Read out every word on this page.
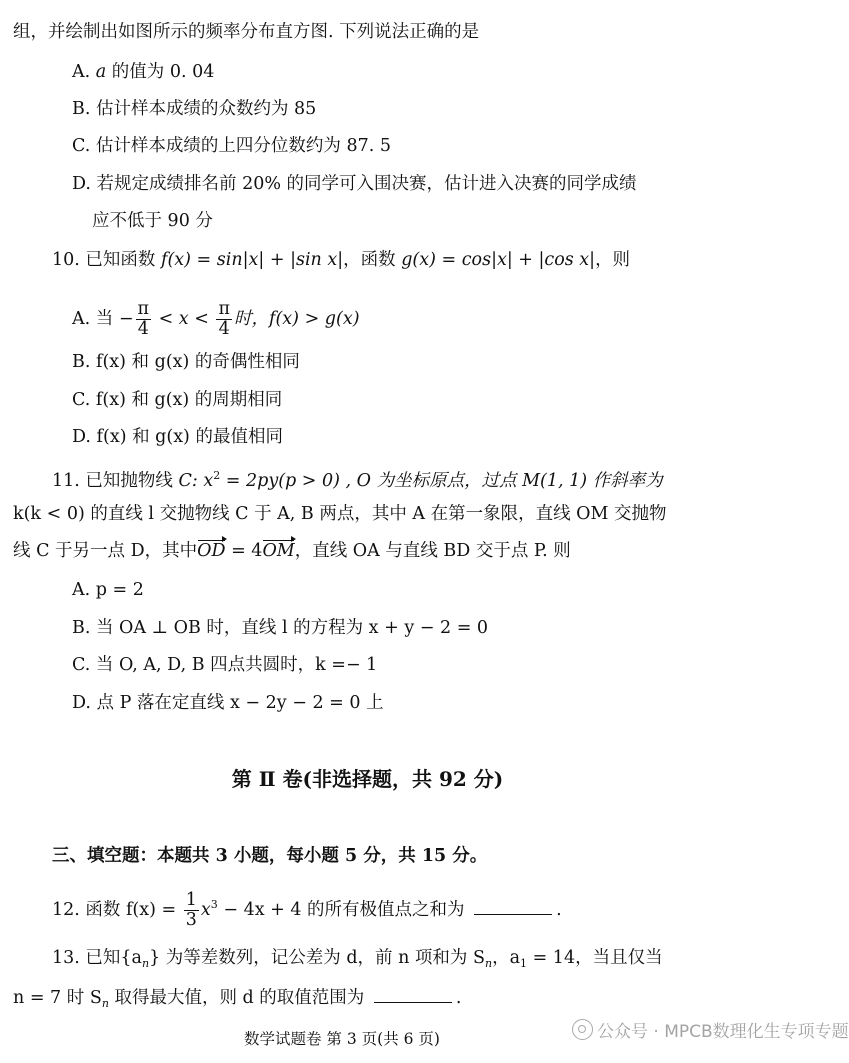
组，并绘制出如图所示的频率分布直方图. 下列说法正确的是
A. a 的值为 0. 04
B. 估计样本成绩的众数约为 85
C. 估计样本成绩的上四分位数约为 87. 5
D. 若规定成绩排名前 20% 的同学可入围决赛，估计进入决赛的同学成绩
应不低于 90 分
10. 已知函数 f(x) = sin|x| + |sin x|，函数 g(x) = cos|x| + |cos x|，则
A. 当 − $\frac{\pi}{4} < x < \frac{\pi}{4}$ 时，f(x) > g(x)
B. f(x) 和 g(x) 的奇偶性相同
C. f(x) 和 g(x) 的周期相同
D. f(x) 和 g(x) 的最值相同
11. 已知抛物线 C: $x^2 = 2py(p > 0)$ , O 为坐标原点，过点 M(1, 1) 作斜率为
k(k < 0) 的直线 l 交抛物线 C 于 A, B 两点，其中 A 在第一象限，直线 OM 交抛物
线 C 于另一点 D，其中OD = 4OM，直线 OA 与直线 BD 交于点 P. 则
A. p = 2
B. 当 OA ⊥ OB 时，直线 l 的方程为 x + y − 2 = 0
C. 当 O, A, D, B 四点共圆时，k =− 1
D. 点 P 落在定直线 x − 2y − 2 = 0 上
第 Ⅱ 卷(非选择题，共 92 分)
三、填空题：本题共 3 小题，每小题 5 分，共 15 分。
12. 函数 $f(x) = \frac{1}{3} x^3 - 4x + 4$ 的所有极值点之和为	.
13. 已知$\{a_n\}$ 为等差数列，记公差为 d，前 n 项和为 $S_n$，$a_1 = 14$，当且仅当
n = 7 时 $S_n$ 取得最大值，则 d 的取值范围为	.
数学试题卷 第 3 页(共 6 页)	公众号 · MPCB数理化生专项专题
